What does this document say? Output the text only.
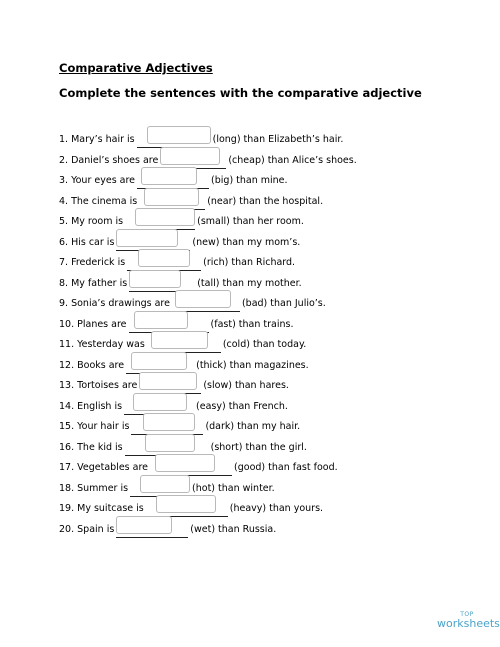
Comparative Adjectives
Complete the sentences with the comparative adjective
1. Mary’s hair is	(long) than Elizabeth’s hair.
2. Daniel’s shoes are	(cheap) than Alice’s shoes.
3. Your eyes are	(big) than mine.
4. The cinema is	(near) than the hospital.
5. My room is	(small) than her room.
6. His car is	(new) than my mom’s.
7. Frederick is	(rich) than Richard.
8. My father is	(tall) than my mother.
9. Sonia’s drawings are	(bad) than Julio’s.
10. Planes are	(fast) than trains.
11. Yesterday was	(cold) than today.
12. Books are	(thick) than magazines.
13. Tortoises are	(slow) than hares.
14. English is	(easy) than French.
15. Your hair is	(dark) than my hair.
16. The kid is	(short) than the girl.
17. Vegetables are	(good) than fast food.
18. Summer is	(hot) than winter.
19. My suitcase is	(heavy) than yours.
20. Spain is	(wet) than Russia.
TOP
worksheets
